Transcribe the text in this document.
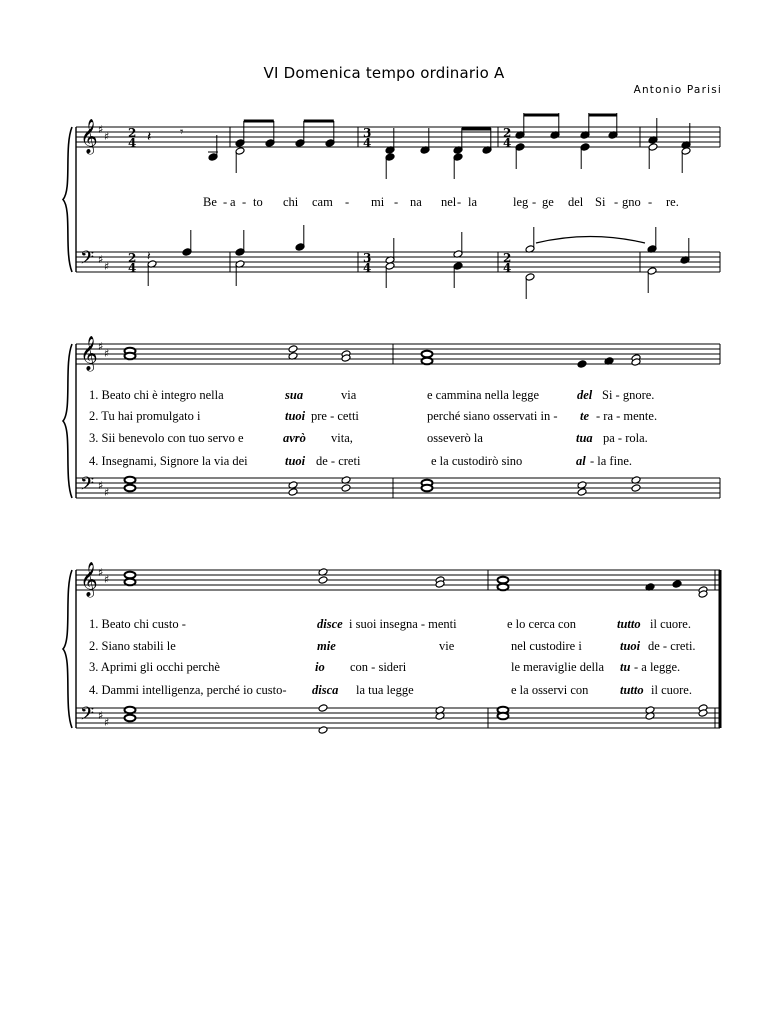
VI Domenica tempo ordinario A
Antonio Parisi
𝄞
𝄢
♯
♯
♯
♯
2
4
2
4
3
4
3
4
2
4
2
4
𝄽 𝄾
𝄽
𝄞
𝄢
♯
♯
♯
♯
𝄞
𝄢
♯
♯
♯
♯
Be - a - to chi cam - mi - na nel - la	leg - ge del Si - gno - re.
1. Beato chi è integro nella	sua	via	e cammina nella legge	del Si - gnore.
2. Tu hai promulgato i	tuoi pre - cetti	perché siano osservati in - te - ra - mente.
3. Sii benevolo con tuo servo e	avrò vita,	osseverò la	tua pa - rola.
4. Insegnami, Signore la via dei	tuoi de - creti	e la custodirò sino	al - la fine.
1. Beato chi custo -	disce i suoi insegna - menti	e lo cerca con	tutto il cuore.
2. Siano stabili le	mie	vie	nel custodire i	tuoi de - creti.
3. Aprimi gli occhi perchè	io con - sideri	le meraviglie della tu - a legge.
4. Dammi intelligenza, perché io custo- disca la tua legge	e la osservi con	tutto il cuore.
